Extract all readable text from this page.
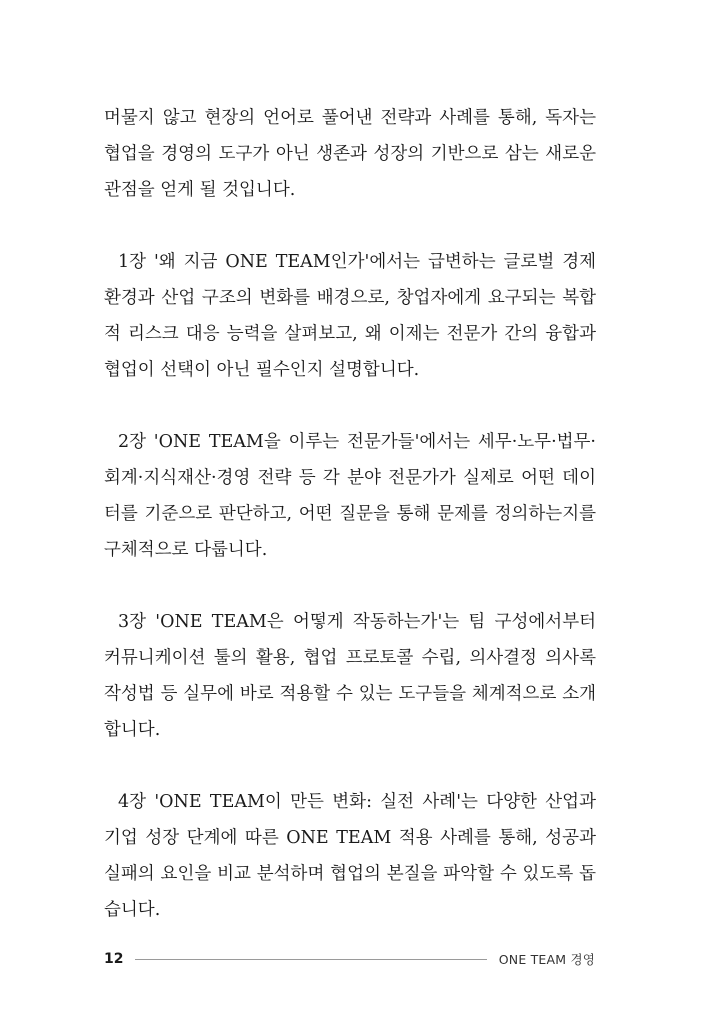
머물지 않고 현장의 언어로 풀어낸 전략과 사례를 통해, 독자는 협업을 경영의 도구가 아닌 생존과 성장의 기반으로 삼는 새로운 관점을 얻게 될 것입니다.

1장 '왜 지금 ONE TEAM인가'에서는 급변하는 글로벌 경제 환경과 산업 구조의 변화를 배경으로, 창업자에게 요구되는 복합적 리스크 대응 능력을 살펴보고, 왜 이제는 전문가 간의 융합과 협업이 선택이 아닌 필수인지 설명합니다.

2장 'ONE TEAM을 이루는 전문가들'에서는 세무·노무·법무·회계·지식재산·경영 전략 등 각 분야 전문가가 실제로 어떤 데이터를 기준으로 판단하고, 어떤 질문을 통해 문제를 정의하는지를 구체적으로 다룹니다.

3장 'ONE TEAM은 어떻게 작동하는가'는 팀 구성에서부터 커뮤니케이션 툴의 활용, 협업 프로토콜 수립, 의사결정 의사록 작성법 등 실무에 바로 적용할 수 있는 도구들을 체계적으로 소개합니다.

4장 'ONE TEAM이 만든 변화: 실전 사례'는 다양한 산업과 기업 성장 단계에 따른 ONE TEAM 적용 사례를 통해, 성공과 실패의 요인을 비교 분석하며 협업의 본질을 파악할 수 있도록 돕습니다.

12	ONE TEAM 경영
